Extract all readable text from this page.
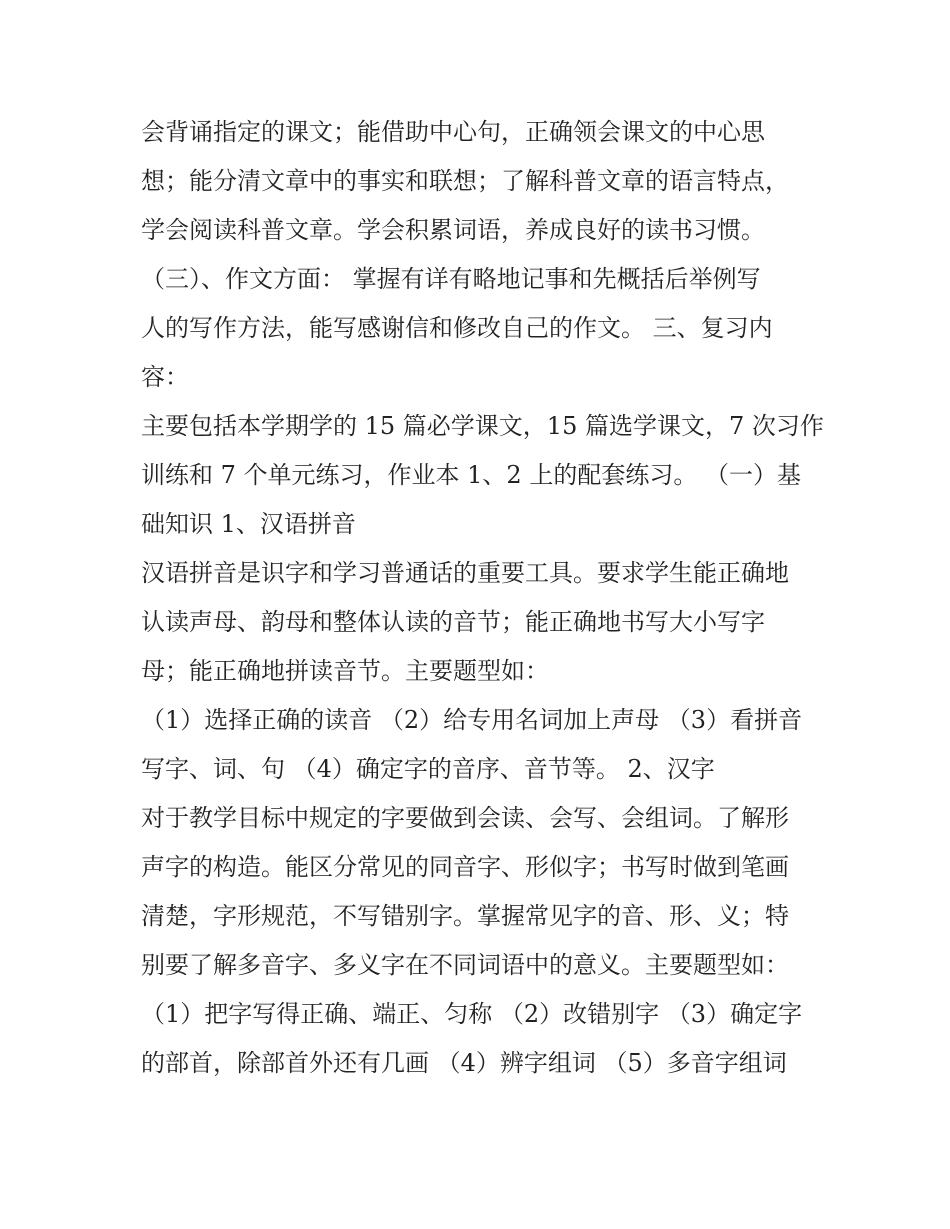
会背诵指定的课文；能借助中心句，正确领会课文的中心思
想；能分清文章中的事实和联想；了解科普文章的语言特点，
学会阅读科普文章。学会积累词语，养成良好的读书习惯。
（三）、作文方面： 掌握有详有略地记事和先概括后举例写
人的写作方法，能写感谢信和修改自己的作文。 三、复习内
容：
主要包括本学期学的 15 篇必学课文，15 篇选学课文，7 次习作
训练和 7 个单元练习，作业本 1、2 上的配套练习。 （一）基
础知识 1、汉语拼音
汉语拼音是识字和学习普通话的重要工具。要求学生能正确地
认读声母、韵母和整体认读的音节；能正确地书写大小写字
母；能正确地拼读音节。主要题型如：
（1）选择正确的读音 （2）给专用名词加上声母 （3）看拼音
写字、词、句 （4）确定字的音序、音节等。 2、汉字
对于教学目标中规定的字要做到会读、会写、会组词。了解形
声字的构造。能区分常见的同音字、形似字；书写时做到笔画
清楚，字形规范，不写错别字。掌握常见字的音、形、义；特
别要了解多音字、多义字在不同词语中的意义。主要题型如：
（1）把字写得正确、端正、匀称 （2）改错别字 （3）确定字
的部首，除部首外还有几画 （4）辨字组词 （5）多音字组词
